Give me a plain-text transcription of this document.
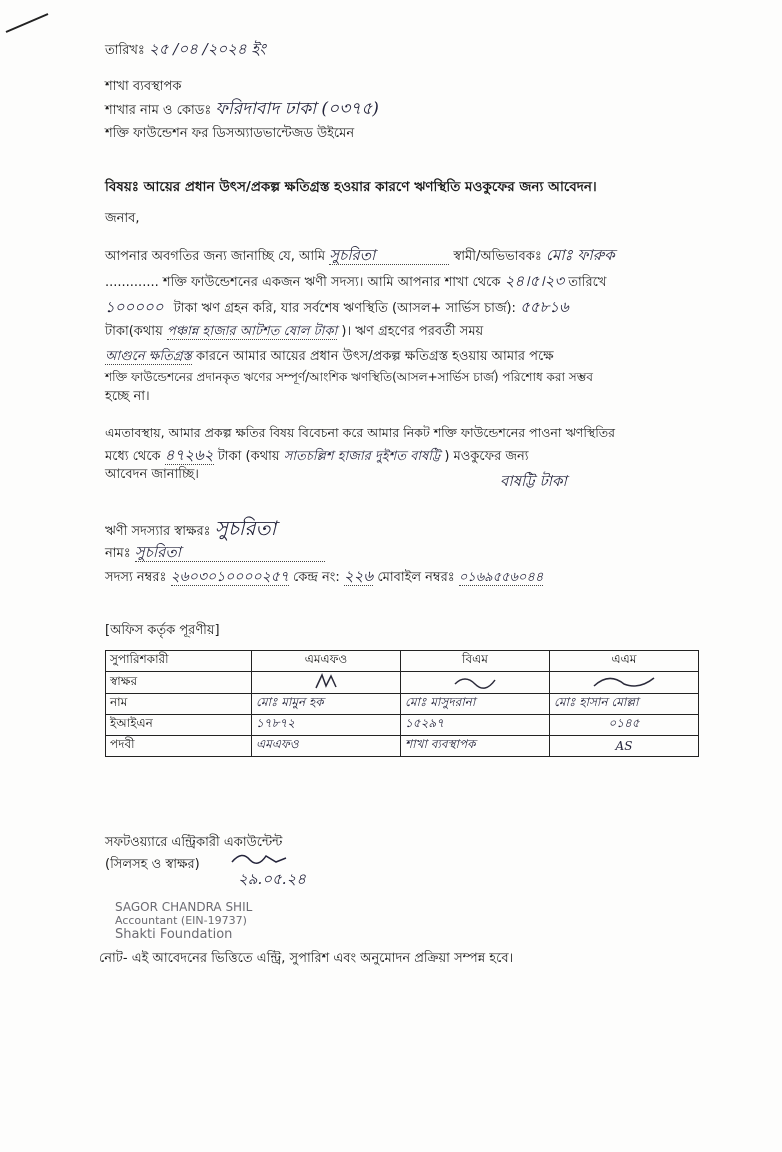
তারিখঃ ২৫ /০৪ /২০২৪ ইং
শাখা ব্যবস্থাপক
শাখার নাম ও কোডঃ ফরিদাবাদ ঢাকা (০৩৭৫)
শক্তি ফাউন্ডেশন ফর ডিসঅ্যাডভান্টেজড উইমেন
বিষয়ঃ আয়ের প্রধান উৎস/প্রকল্প ক্ষতিগ্রস্ত হওয়ার কারণে ঋণস্থিতি মওকুফের জন্য আবেদন।
জনাব,
আপনার অবগতির জন্য জানাচ্ছি যে, আমি সুচরিতা	স্বামী/অভিভাবকঃ মোঃ ফারুক
............. শক্তি ফাউন্ডেশনের একজন ঋণী সদস্য। আমি আপনার শাখা থেকে ২৪।৫।২৩ তারিখে
১০০০০০ টাকা ঋণ গ্রহন করি, যার সর্বশেষ ঋণস্থিতি (আসল+ সার্ভিস চার্জ): ৫৫৮১৬
টাকা(কথায় পঞ্চান্ন হাজার আটশত ষোল টাকা )। ঋণ গ্রহণের পরবর্তী সময়
আগুনে ক্ষতিগ্রস্ত কারনে আমার আয়ের প্রধান উৎস/প্রকল্প ক্ষতিগ্রস্ত হওয়ায় আমার পক্ষে
শক্তি ফাউন্ডেশনের প্রদানকৃত ঋণের সম্পূর্ণ/আংশিক ঋণস্থিতি(আসল+সার্ভিস চার্জ) পরিশোধ করা সম্ভব
হচ্ছে না।
এমতাবস্থায়, আমার প্রকল্প ক্ষতির বিষয় বিবেচনা করে আমার নিকট শক্তি ফাউন্ডেশনের পাওনা ঋণস্থিতির
মধ্যে থেকে ৪৭২৬২ টাকা (কথায় সাতচল্লিশ হাজার দুইশত বাষট্টি ) মওকুফের জন্য
আবেদন জানাচ্ছি।	বাষট্টি টাকা
ঋণী সদস্যার স্বাক্ষরঃ সুচরিতা
নামঃ সুচরিতা
সদস্য নম্বরঃ ২৬০৩০১০০০০২৫৭ কেন্দ্র নং: ২২৬ মোবাইল নম্বরঃ ০১৬৯৫৫৬০৪৪
[অফিস কর্তৃক পূরণীয়]
সুপারিশকারী	এমএফও	বিএম	এএম
স্বাক্ষর			
নাম	মোঃ মামুন হক	মোঃ মাসুদরানা	মোঃ হাসান মোল্লা
ইআইএন	১৭৮৭২	১৫২৯৭	০১৪৫
পদবী	এমএফও	শাখা ব্যবস্থাপক	AS
সফটওয়্যারে এন্ট্রিকারী একাউন্টেন্ট
(সিলসহ ও স্বাক্ষর)
২৯.০৫.২৪
SAGOR CHANDRA SHIL
Accountant (EIN-19737)
Shakti Foundation
নোট- এই আবেদনের ভিত্তিতে এন্ট্রি, সুপারিশ এবং অনুমোদন প্রক্রিয়া সম্পন্ন হবে।
